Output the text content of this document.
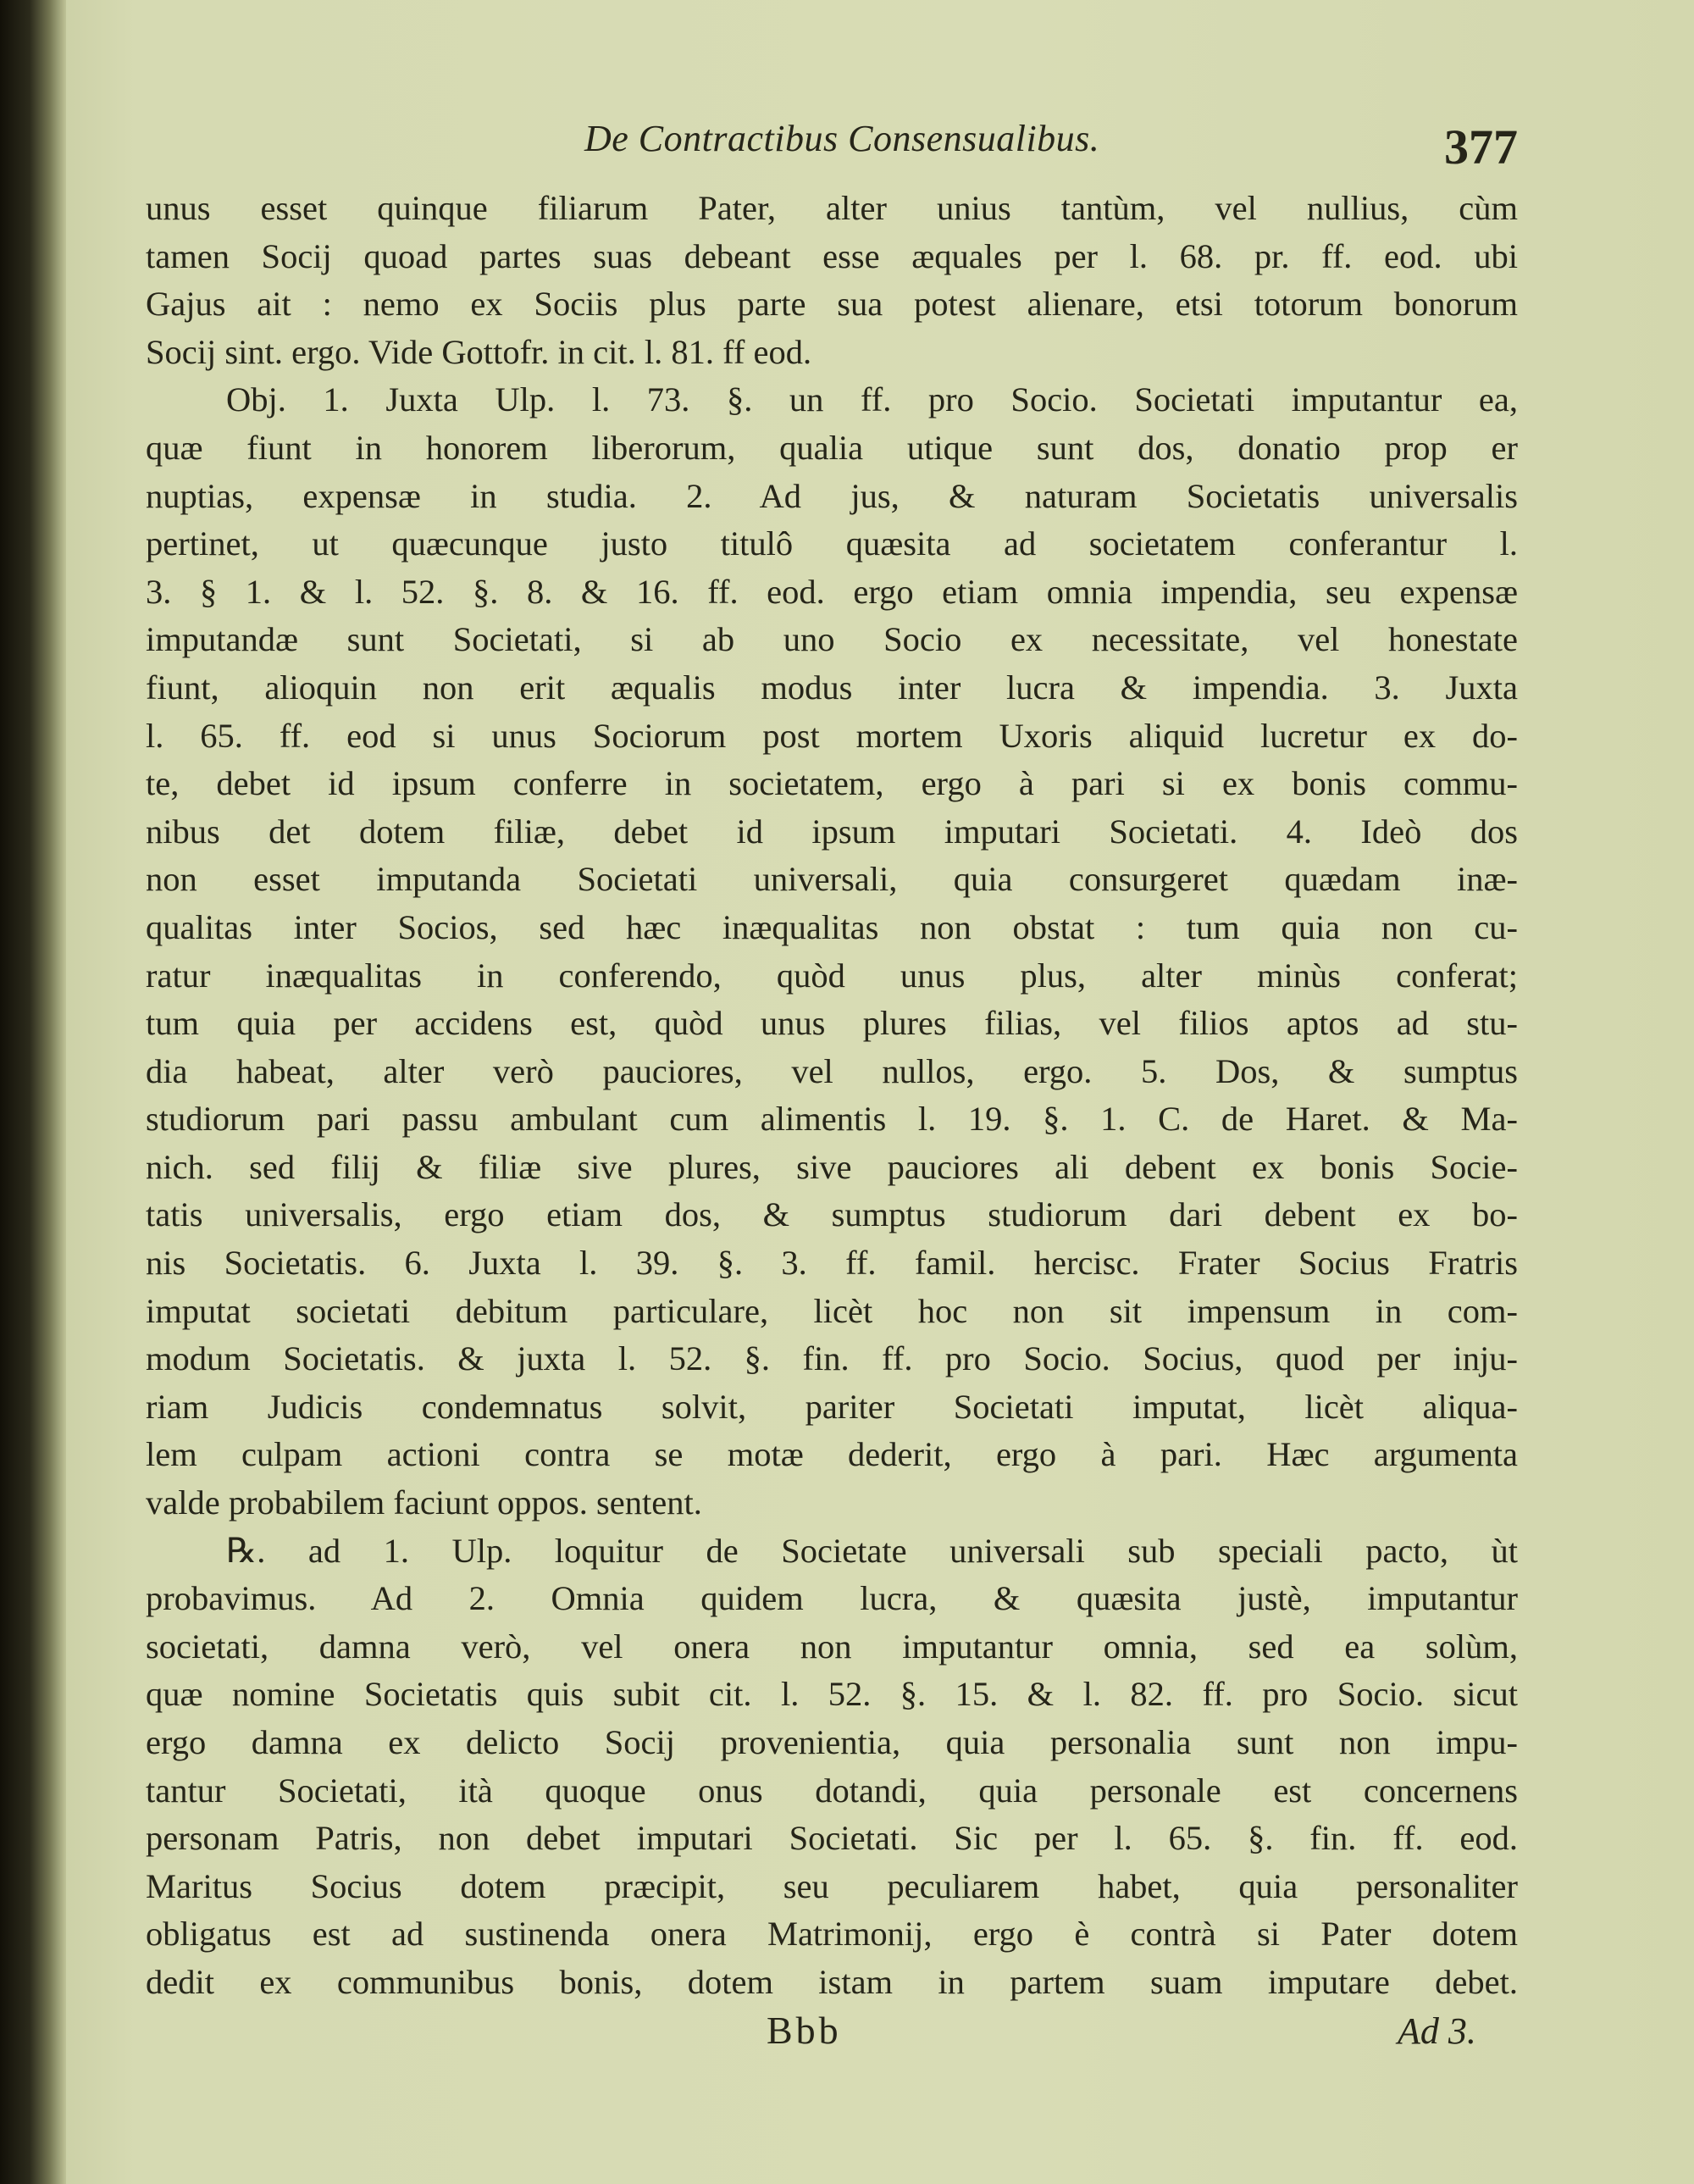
De Contractibus Consensualibus.	377
unus esset quinque filiarum Pater, alter unius tantùm, vel nullius, cùm
tamen Socij quoad partes suas debeant esse æquales per l. 68. pr. ff. eod. ubi
Gajus ait : nemo ex Sociis plus parte sua potest alienare, etsi totorum bonorum
Socij sint. ergo. Vide Gottofr. in cit. l. 81. ff eod.
Obj. 1. Juxta Ulp. l. 73. §. un ff. pro Socio. Societati imputantur ea,
quæ fiunt in honorem liberorum, qualia utique sunt dos, donatio prop er
nuptias, expensæ in studia. 2. Ad jus, & naturam Societatis universalis
pertinet, ut quæcunque justo titulô quæsita ad societatem conferantur l.
3. § 1. & l. 52. §. 8. & 16. ff. eod. ergo etiam omnia impendia, seu expensæ
imputandæ sunt Societati, si ab uno Socio ex necessitate, vel honestate
fiunt, alioquin non erit æqualis modus inter lucra & impendia. 3. Juxta
l. 65. ff. eod si unus Sociorum post mortem Uxoris aliquid lucretur ex do-
te, debet id ipsum conferre in societatem, ergo à pari si ex bonis commu-
nibus det dotem filiæ, debet id ipsum imputari Societati. 4. Ideò dos
non esset imputanda Societati universali, quia consurgeret quædam inæ-
qualitas inter Socios, sed hæc inæqualitas non obstat : tum quia non cu-
ratur inæqualitas in conferendo, quòd unus plus, alter minùs conferat;
tum quia per accidens est, quòd unus plures filias, vel filios aptos ad stu-
dia habeat, alter verò pauciores, vel nullos, ergo. 5. Dos, & sumptus
studiorum pari passu ambulant cum alimentis l. 19. §. 1. C. de Haret. & Ma-
nich. sed filij & filiæ sive plures, sive pauciores ali debent ex bonis Socie-
tatis universalis, ergo etiam dos, & sumptus studiorum dari debent ex bo-
nis Societatis. 6. Juxta l. 39. §. 3. ff. famil. hercisc. Frater Socius Fratris
imputat societati debitum particulare, licèt hoc non sit impensum in com-
modum Societatis. & juxta l. 52. §. fin. ff. pro Socio. Socius, quod per inju-
riam Judicis condemnatus solvit, pariter Societati imputat, licèt aliqua-
lem culpam actioni contra se motæ dederit, ergo à pari. Hæc argumenta
valde probabilem faciunt oppos. sentent.
℞. ad 1. Ulp. loquitur de Societate universali sub speciali pacto, ùt
probavimus. Ad 2. Omnia quidem lucra, & quæsita justè, imputantur
societati, damna verò, vel onera non imputantur omnia, sed ea solùm,
quæ nomine Societatis quis subit cit. l. 52. §. 15. & l. 82. ff. pro Socio. sicut
ergo damna ex delicto Socij provenientia, quia personalia sunt non impu-
tantur Societati, ità quoque onus dotandi, quia personale est concernens
personam Patris, non debet imputari Societati. Sic per l. 65. §. fin. ff. eod.
Maritus Socius dotem præcipit, seu peculiarem habet, quia personaliter
obligatus est ad sustinenda onera Matrimonij, ergo è contrà si Pater dotem
dedit ex communibus bonis, dotem istam in partem suam imputare debet.
Bbb	Ad 3.
